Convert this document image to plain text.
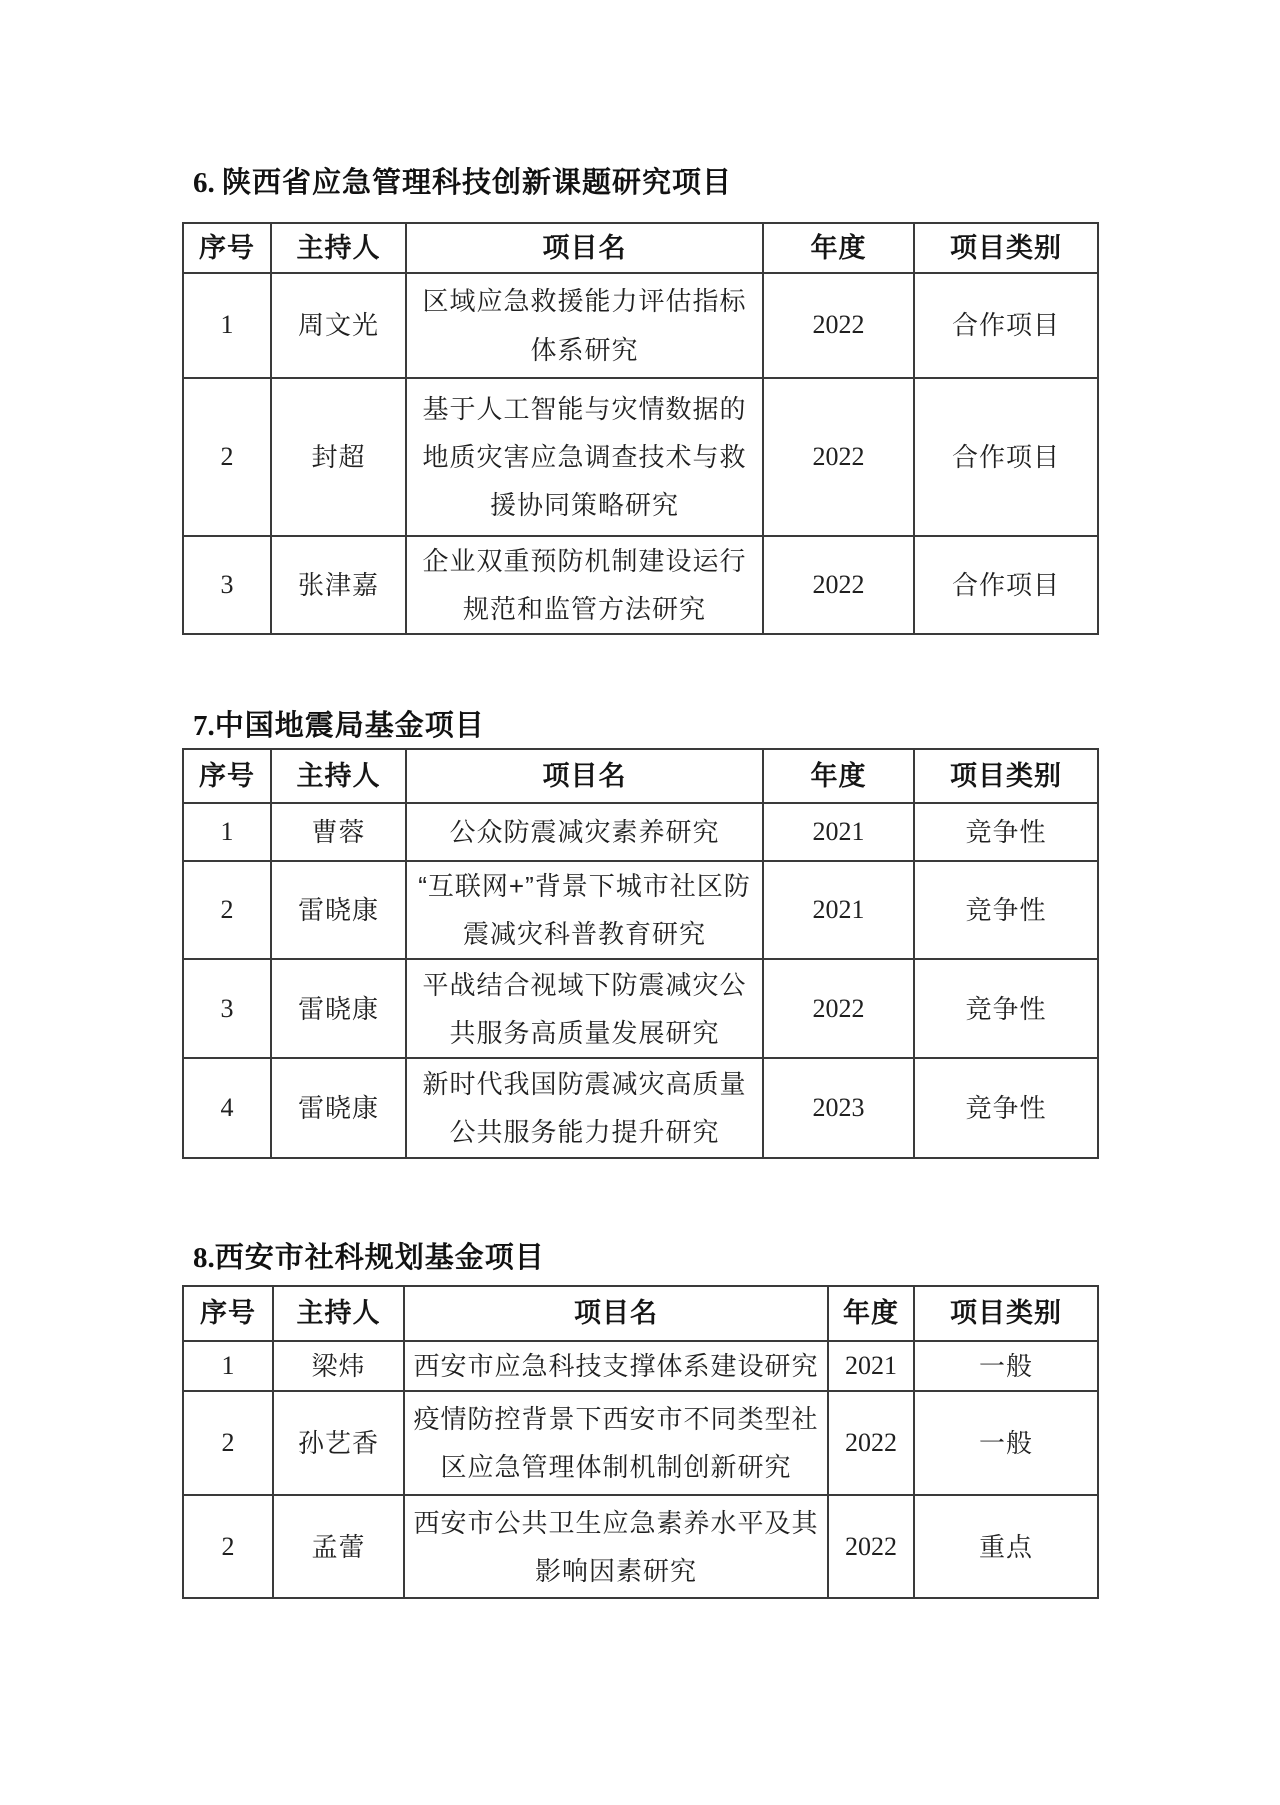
6. 陕西省应急管理科技创新课题研究项目
序号	主持人	项目名	年度	项目类别
1	周文光	区域应急救援能力评估指标体系研究	2022	合作项目
2	封超	基于人工智能与灾情数据的地质灾害应急调查技术与救援协同策略研究	2022	合作项目
3	张津嘉	企业双重预防机制建设运行规范和监管方法研究	2022	合作项目
7.中国地震局基金项目
序号	主持人	项目名	年度	项目类别
1	曹蓉	公众防震减灾素养研究	2021	竞争性
2	雷晓康	“互联网+”背景下城市社区防震减灾科普教育研究	2021	竞争性
3	雷晓康	平战结合视域下防震减灾公共服务高质量发展研究	2022	竞争性
4	雷晓康	新时代我国防震减灾高质量公共服务能力提升研究	2023	竞争性
8.西安市社科规划基金项目
序号	主持人	项目名	年度	项目类别
1	梁炜	西安市应急科技支撑体系建设研究	2021	一般
2	孙艺香	疫情防控背景下西安市不同类型社区应急管理体制机制创新研究	2022	一般
2	孟蕾	西安市公共卫生应急素养水平及其影响因素研究	2022	重点
